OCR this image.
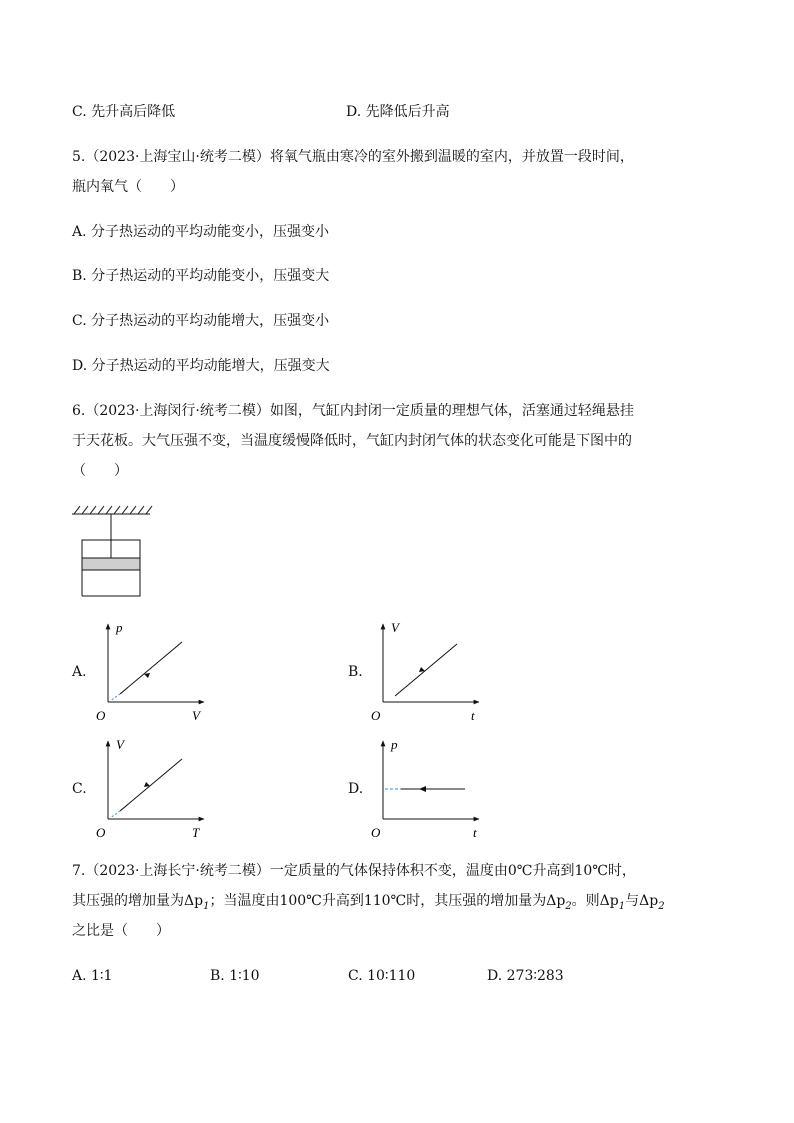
C. 先升高后降低	D. 先降低后升高
5.（2023·上海宝山·统考二模）将氧气瓶由寒冷的室外搬到温暖的室内，并放置一段时间，
瓶内氧气（　　）
A. 分子热运动的平均动能变小，压强变小
B. 分子热运动的平均动能变小，压强变大
C. 分子热运动的平均动能增大，压强变小
D. 分子热运动的平均动能增大，压强变大
6.（2023·上海闵行·统考二模）如图，气缸内封闭一定质量的理想气体，活塞通过轻绳悬挂
于天花板。大气压强不变，当温度缓慢降低时，气缸内封闭气体的状态变化可能是下图中的
（　　）
A.
p
V
O
B.
V
t
O
C.
V
T
O
D.
p
t
O
7.（2023·上海长宁·统考二模）一定质量的气体保持体积不变，温度由0℃升高到10℃时，
其压强的增加量为$\Delta p_1$；当温度由100℃升高到110℃时，其压强的增加量为$\Delta p_2$。则$\Delta p_1$与$\Delta p_2$
之比是（　　）
A. 1∶1	B. 1∶10	C. 10∶110	D. 273∶283
